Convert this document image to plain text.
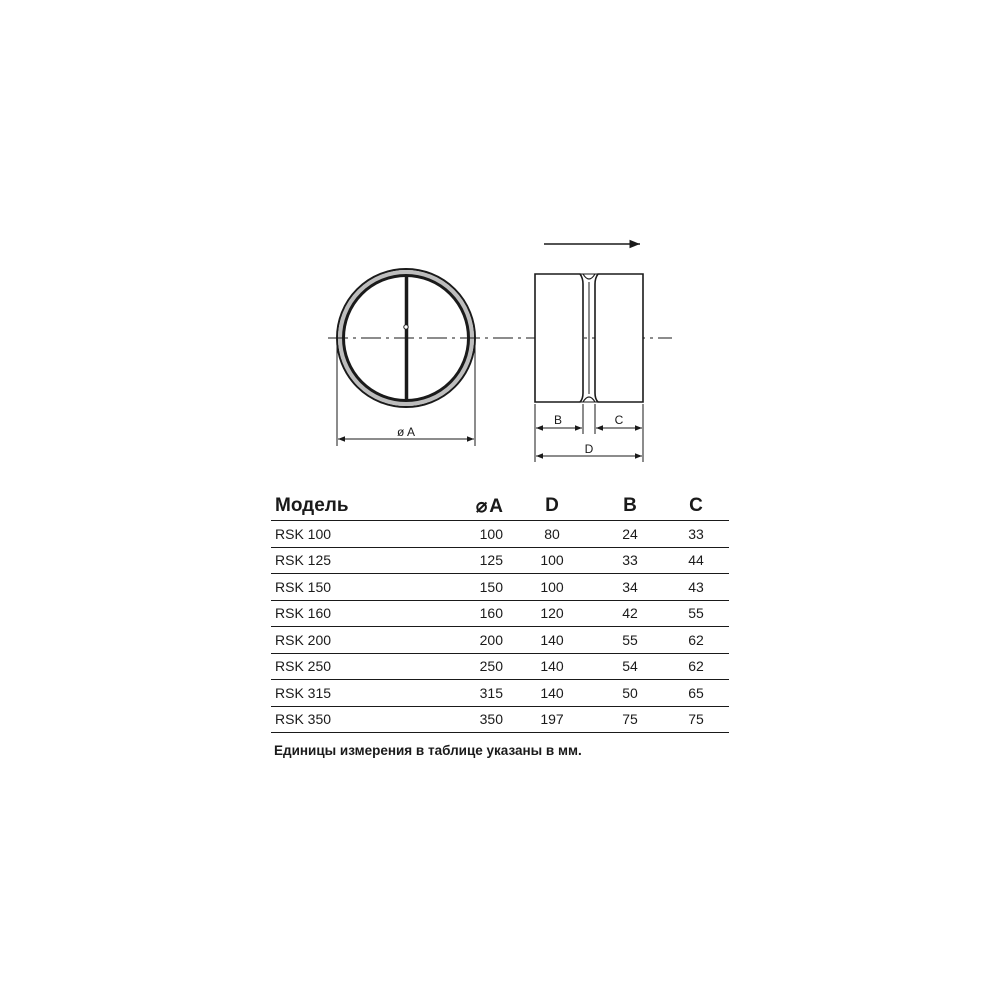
ø A
B	C
D
Модель	⌀ A	D	B	C
RSK 100	100	80	24	33
RSK 125	125	100	33	44
RSK 150	150	100	34	43
RSK 160	160	120	42	55
RSK 200	200	140	55	62
RSK 250	250	140	54	62
RSK 315	315	140	50	65
RSK 350	350	197	75	75

Единицы измерения в таблице указаны в мм.
